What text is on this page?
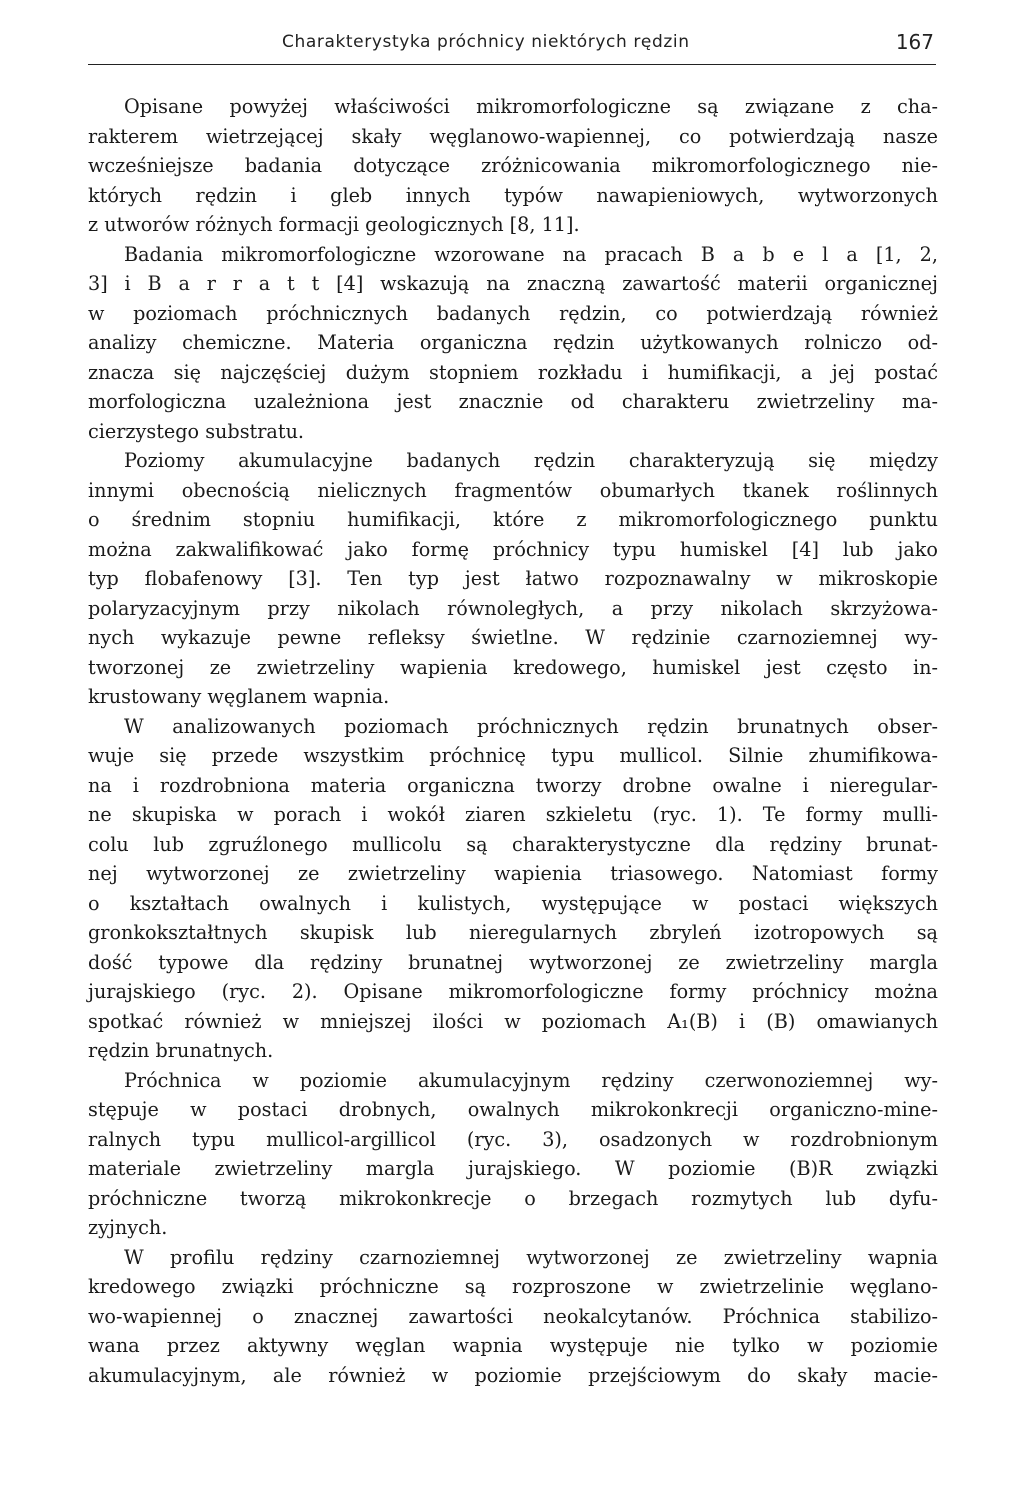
Charakterystyka próchnicy niektórych rędzin	167
Opisane powyżej właściwości mikromorfologiczne są związane z cha-
rakterem wietrzejącej skały węglanowo-wapiennej, co potwierdzają nasze
wcześniejsze badania dotyczące zróżnicowania mikromorfologicznego nie-
których rędzin i gleb innych typów nawapieniowych, wytworzonych
z utworów różnych formacji geologicznych [8, 11].
Badania mikromorfologiczne wzorowane na pracach B a b e l a [1, 2,
3] i B a r r a t t [4] wskazują na znaczną zawartość materii organicznej
w poziomach próchnicznych badanych rędzin, co potwierdzają również
analizy chemiczne. Materia organiczna rędzin użytkowanych rolniczo od-
znacza się najczęściej dużym stopniem rozkładu i humifikacji, a jej postać
morfologiczna uzależniona jest znacznie od charakteru zwietrzeliny ma-
cierzystego substratu.
Poziomy akumulacyjne badanych rędzin charakteryzują się między
innymi obecnością nielicznych fragmentów obumarłych tkanek roślinnych
o średnim stopniu humifikacji, które z mikromorfologicznego punktu
można zakwalifikować jako formę próchnicy typu humiskel [4] lub jako
typ flobafenowy [3]. Ten typ jest łatwo rozpoznawalny w mikroskopie
polaryzacyjnym przy nikolach równoległych, a przy nikolach skrzyżowa-
nych wykazuje pewne refleksy świetlne. W rędzinie czarnoziemnej wy-
tworzonej ze zwietrzeliny wapienia kredowego, humiskel jest często in-
krustowany węglanem wapnia.
W analizowanych poziomach próchnicznych rędzin brunatnych obser-
wuje się przede wszystkim próchnicę typu mullicol. Silnie zhumifikowa-
na i rozdrobniona materia organiczna tworzy drobne owalne i nieregular-
ne skupiska w porach i wokół ziaren szkieletu (ryc. 1). Te formy mulli-
colu lub zgruźlonego mullicolu są charakterystyczne dla rędziny brunat-
nej wytworzonej ze zwietrzeliny wapienia triasowego. Natomiast formy
o kształtach owalnych i kulistych, występujące w postaci większych
gronkokształtnych skupisk lub nieregularnych zbryleń izotropowych są
dość typowe dla rędziny brunatnej wytworzonej ze zwietrzeliny margla
jurajskiego (ryc. 2). Opisane mikromorfologiczne formy próchnicy można
spotkać również w mniejszej ilości w poziomach A₁(B) i (B) omawianych
rędzin brunatnych.
Próchnica w poziomie akumulacyjnym rędziny czerwonoziemnej wy-
stępuje w postaci drobnych, owalnych mikrokonkrecji organiczno-mine-
ralnych typu mullicol-argillicol (ryc. 3), osadzonych w rozdrobnionym
materiale zwietrzeliny margla jurajskiego. W poziomie (B)R związki
próchniczne tworzą mikrokonkrecje o brzegach rozmytych lub dyfu-
zyjnych.
W profilu rędziny czarnoziemnej wytworzonej ze zwietrzeliny wapnia
kredowego związki próchniczne są rozproszone w zwietrzelinie węglano-
wo-wapiennej o znacznej zawartości neokalcytanów. Próchnica stabilizo-
wana przez aktywny węglan wapnia występuje nie tylko w poziomie
akumulacyjnym, ale również w poziomie przejściowym do skały macie-
